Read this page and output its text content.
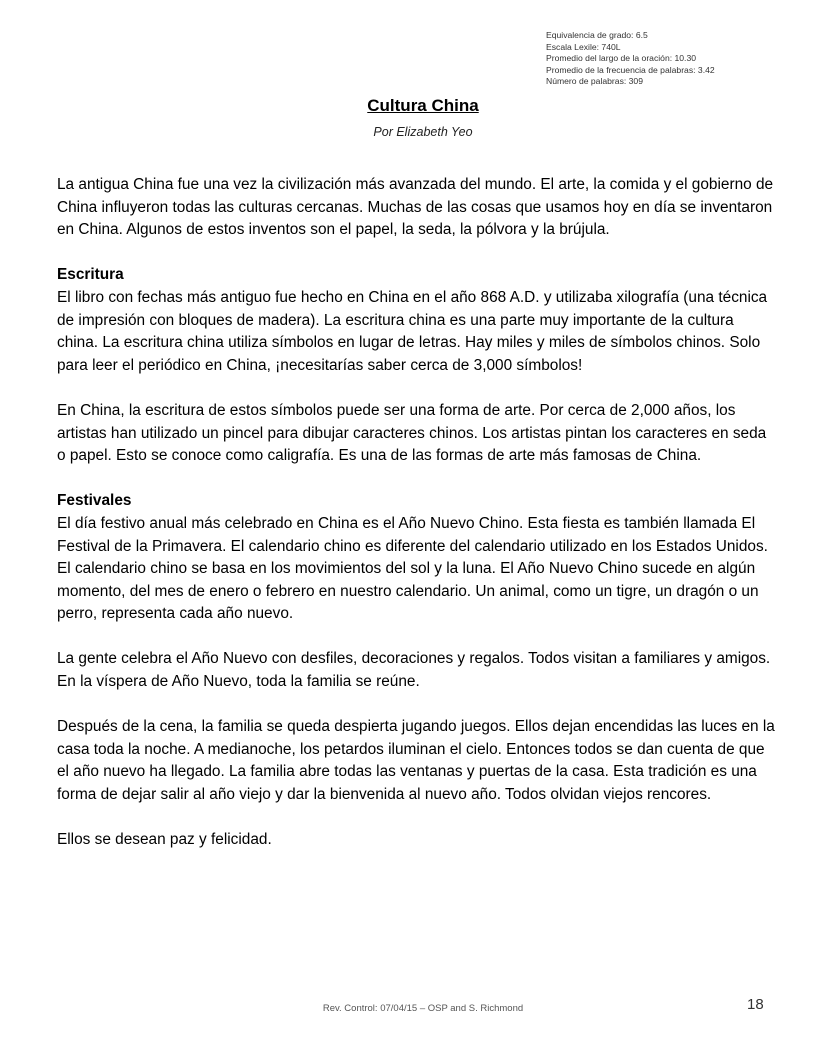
Equivalencia de grado: 6.5
Escala Lexile: 740L
Promedio del largo de la oración: 10.30
Promedio de la frecuencia de palabras: 3.42
Número de palabras: 309
Cultura China
Por Elizabeth Yeo

La antigua China fue una vez la civilización más avanzada del mundo. El arte, la comida y el gobierno de China influyeron todas las culturas cercanas. Muchas de las cosas que usamos hoy en día se inventaron en China. Algunos de estos inventos son el papel, la seda, la pólvora y la brújula.

Escritura

El libro con fechas más antiguo fue hecho en China en el año 868 A.D. y utilizaba xilografía (una técnica de impresión con bloques de madera). La escritura china es una parte muy importante de la cultura china. La escritura china utiliza símbolos en lugar de letras. Hay miles y miles de símbolos chinos. Solo para leer el periódico en China, ¡necesitarías saber cerca de 3,000 símbolos!

En China, la escritura de estos símbolos puede ser una forma de arte. Por cerca de 2,000 años, los artistas han utilizado un pincel para dibujar caracteres chinos. Los artistas pintan los caracteres en seda o papel. Esto se conoce como caligrafía. Es una de las formas de arte más famosas de China.

Festivales

El día festivo anual más celebrado en China es el Año Nuevo Chino. Esta fiesta es también llamada El Festival de la Primavera. El calendario chino es diferente del calendario utilizado en los Estados Unidos. El calendario chino se basa en los movimientos del sol y la luna. El Año Nuevo Chino sucede en algún momento, del mes de enero o febrero en nuestro calendario. Un animal, como un tigre, un dragón o un perro, representa cada año nuevo.

La gente celebra el Año Nuevo con desfiles, decoraciones y regalos. Todos visitan a familiares y amigos. En la víspera de Año Nuevo, toda la familia se reúne.

Después de la cena, la familia se queda despierta jugando juegos. Ellos dejan encendidas las luces en la casa toda la noche. A medianoche, los petardos iluminan el cielo. Entonces todos se dan cuenta de que el año nuevo ha llegado. La familia abre todas las ventanas y puertas de la casa. Esta tradición es una forma de dejar salir al año viejo y dar la bienvenida al nuevo año. Todos olvidan viejos rencores.

Ellos se desean paz y felicidad.

Rev. Control: 07/04/15 – OSP and S. Richmond	18
